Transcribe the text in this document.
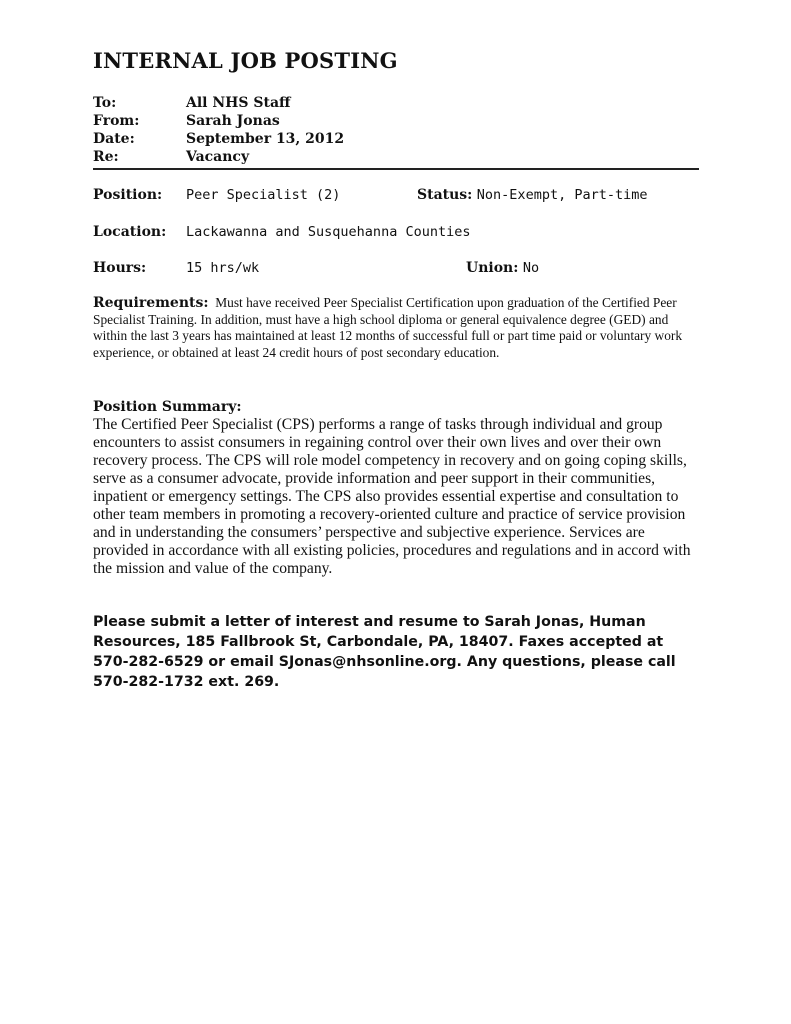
INTERNAL JOB POSTING
To:	All NHS Staff
From:	Sarah Jonas
Date:	September 13, 2012
Re:	Vacancy
Position: Peer Specialist (2)	Status: Non-Exempt, Part-time
Location: Lackawanna and Susquehanna Counties
Hours:	15 hrs/wk	Union: No
Requirements: Must have received Peer Specialist Certification upon graduation of the Certified Peer Specialist Training. In addition, must have a high school diploma or general equivalence degree (GED) and within the last 3 years has maintained at least 12 months of successful full or part time paid or voluntary work experience, or obtained at least 24 credit hours of post secondary education.
Position Summary:
The Certified Peer Specialist (CPS) performs a range of tasks through individual and group encounters to assist consumers in regaining control over their own lives and over their own recovery process. The CPS will role model competency in recovery and on going coping skills, serve as a consumer advocate, provide information and peer support in their communities, inpatient or emergency settings. The CPS also provides essential expertise and consultation to other team members in promoting a recovery-oriented culture and practice of service provision and in understanding the consumers’ perspective and subjective experience. Services are provided in accordance with all existing policies, procedures and regulations and in accord with the mission and value of the company.
Please submit a letter of interest and resume to Sarah Jonas, Human Resources, 185 Fallbrook St, Carbondale, PA, 18407. Faxes accepted at 570-282-6529 or email SJonas@nhsonline.org. Any questions, please call 570-282-1732 ext. 269.
